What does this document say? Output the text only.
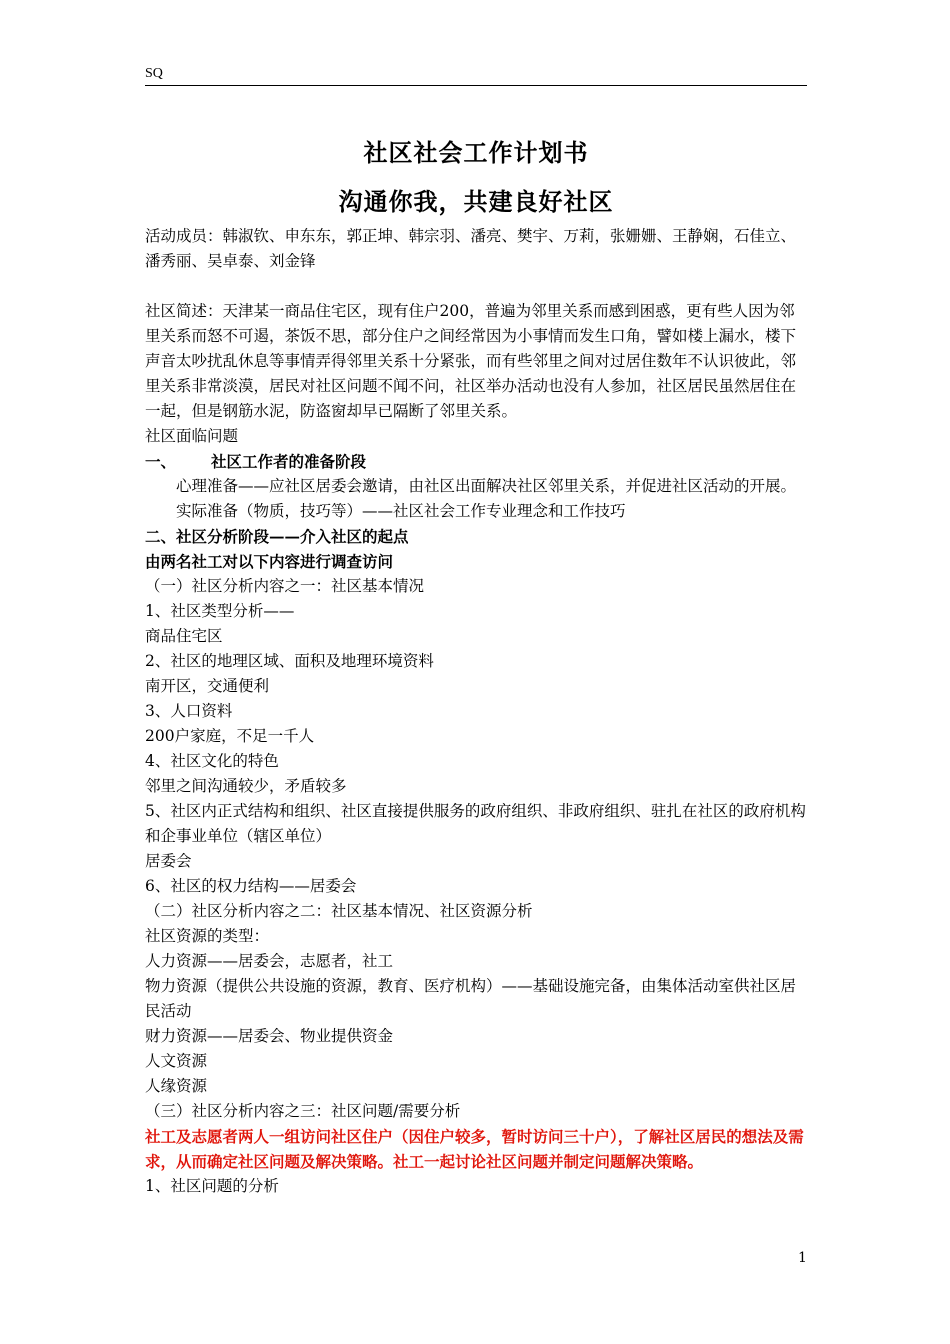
SQ
社区社会工作计划书
沟通你我，共建良好社区

活动成员：韩淑钦、申东东，郭正坤、韩宗羽、潘亮、樊宇、万莉，张姗姗、王静娴，石佳立、潘秀丽、吴卓泰、刘金锋

社区简述：天津某一商品住宅区，现有住户200，普遍为邻里关系而感到困惑，更有些人因为邻里关系而怒不可遏，茶饭不思，部分住户之间经常因为小事情而发生口角，譬如楼上漏水，楼下声音太吵扰乱休息等事情弄得邻里关系十分紧张，而有些邻里之间对过居住数年不认识彼此，邻里关系非常淡漠，居民对社区问题不闻不问，社区举办活动也没有人参加，社区居民虽然居住在一起，但是钢筋水泥，防盗窗却早已隔断了邻里关系。

社区面临问题

一、	社区工作者的准备阶段

心理准备——应社区居委会邀请，由社区出面解决社区邻里关系，并促进社区活动的开展。

实际准备（物质，技巧等）——社区社会工作专业理念和工作技巧

二、社区分析阶段——介入社区的起点

由两名社工对以下内容进行调查访问

（一）社区分析内容之一：社区基本情况

1、社区类型分析——

商品住宅区

2、社区的地理区域、面积及地理环境资料

南开区，交通便利

3、人口资料

200户家庭，不足一千人

4、社区文化的特色

邻里之间沟通较少，矛盾较多

5、社区内正式结构和组织、社区直接提供服务的政府组织、非政府组织、驻扎在社区的政府机构和企事业单位（辖区单位）

居委会

6、社区的权力结构——居委会

（二）社区分析内容之二：社区基本情况、社区资源分析

社区资源的类型：

人力资源——居委会，志愿者，社工

物力资源（提供公共设施的资源，教育、医疗机构）——基础设施完备，由集体活动室供社区居民活动

财力资源——居委会、物业提供资金

人文资源

人缘资源

（三）社区分析内容之三：社区问题/需要分析

社工及志愿者两人一组访问社区住户（因住户较多，暂时访问三十户），了解社区居民的想法及需求，从而确定社区问题及解决策略。社工一起讨论社区问题并制定问题解决策略。

1、社区问题的分析

1
